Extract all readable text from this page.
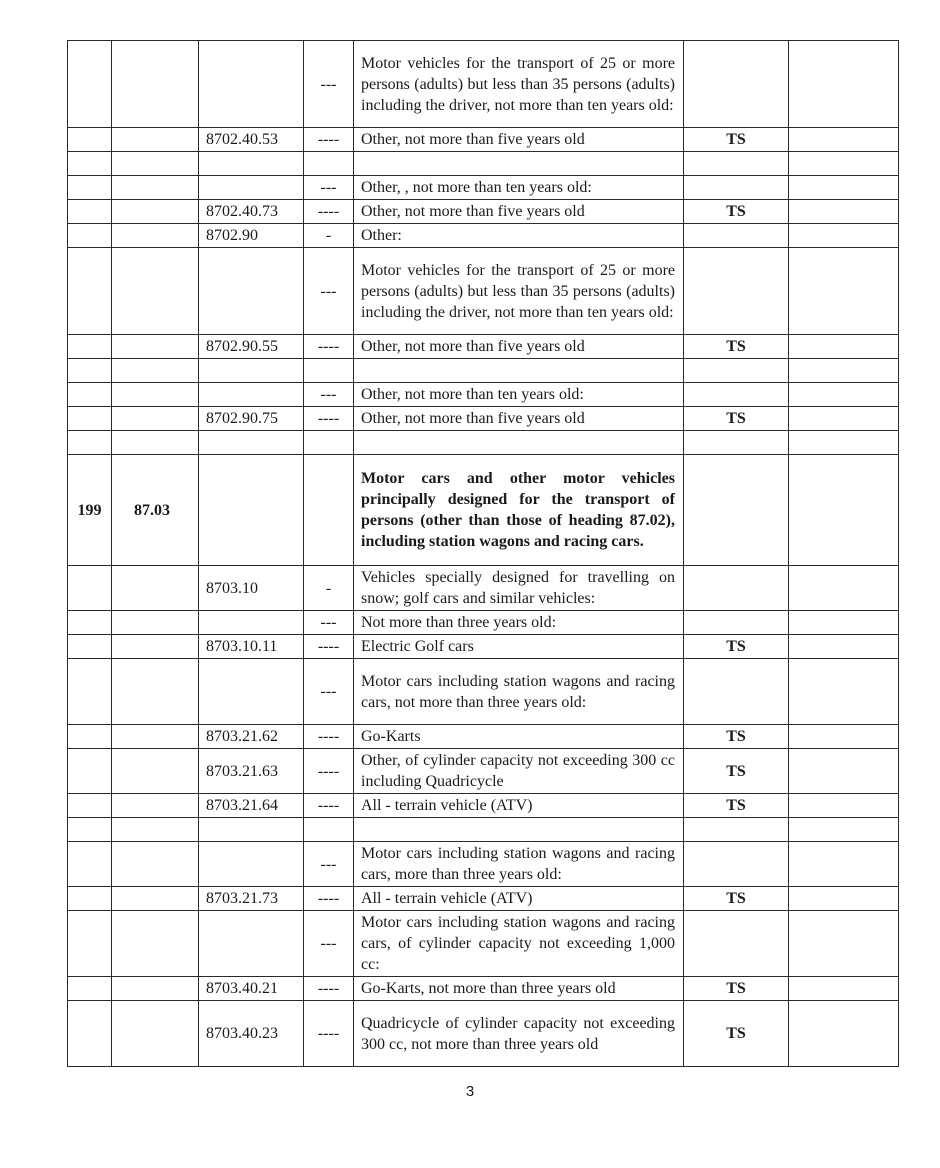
			---	Motor vehicles for the transport of 25 or more persons (adults) but less than 35 persons (adults) including the driver, not more than ten years old:		
		8702.40.53	----	Other, not more than five years old	TS	

			---	Other, , not more than ten years old:		
		8702.40.73	----	Other, not more than five years old	TS	
		8702.90	-	Other:		
			---	Motor vehicles for the transport of 25 or more persons (adults) but less than 35 persons (adults) including the driver, not more than ten years old:		
		8702.90.55	----	Other, not more than five years old	TS	

			---	Other, not more than ten years old:		
		8702.90.75	----	Other, not more than five years old	TS	

199	87.03			Motor cars and other motor vehicles principally designed for the transport of persons (other than those of heading 87.02), including station wagons and racing cars.		
		8703.10	-	Vehicles specially designed for travelling on snow; golf cars and similar vehicles:		
			---	Not more than three years old:		
		8703.10.11	----	Electric Golf cars	TS	
			---	Motor cars including station wagons and racing cars, not more than three years old:		
		8703.21.62	----	Go-Karts	TS	
		8703.21.63	----	Other, of cylinder capacity not exceeding 300 cc including Quadricycle	TS	
		8703.21.64	----	All - terrain vehicle (ATV)	TS	

			---	Motor cars including station wagons and racing cars, more than three years old:		
		8703.21.73	----	All - terrain vehicle (ATV)	TS	
			---	Motor cars including station wagons and racing cars, of cylinder capacity not exceeding 1,000 cc:		
		8703.40.21	----	Go-Karts, not more than three years old	TS	
		8703.40.23	----	Quadricycle of cylinder capacity not exceeding 300 cc, not more than three years old	TS	
3
